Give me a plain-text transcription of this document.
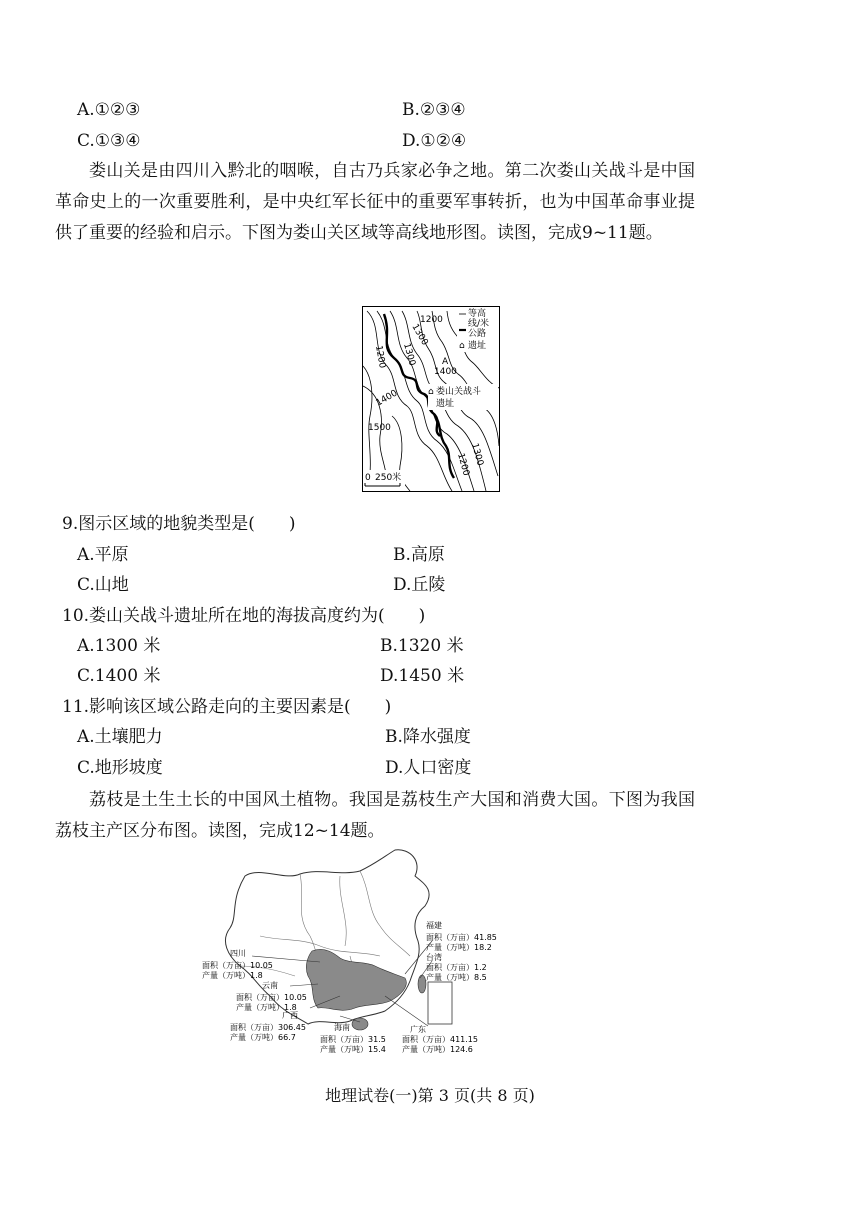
A.①②③	B.②③④
C.①③④	D.①②④

娄山关是由四川入黔北的咽喉，自古乃兵家必争之地。第二次娄山关战斗是中国革命史上的一次重要胜利，是中央红军长征中的重要军事转折，也为中国革命事业提供了重要的经验和启示。下图为娄山关区域等高线地形图。读图，完成9~11题。

等高
线/米
公路
⌂ 遗址
1200
1200 1300
1300
1400
A
1400
1500
1200
1300
⌂ 娄山关战斗
遗址
0 250米
9.图示区域的地貌类型是(　　)
A.平原	B.高原
C.山地	D.丘陵
10.娄山关战斗遗址所在地的海拔高度约为(　　)
A.1300 米	B.1320 米
C.1400 米	D.1450 米
11.影响该区域公路走向的主要因素是(　　)
A.土壤肥力	B.降水强度
C.地形坡度	D.人口密度

荔枝是土生土长的中国风土植物。我国是荔枝生产大国和消费大国。下图为我国荔枝主产区分布图。读图，完成12~14题。

四川
面积（万亩）10.05
产量（万吨）1.8
云南
面积（万亩）10.05
产量（万吨）1.8
广西
面积（万亩）306.45
产量（万吨）66.7
海南
面积（万亩）31.5
产量（万吨）15.4
广东
面积（万亩）411.15
产量（万吨）124.6
福建
面积（万亩）41.85
产量（万吨）18.2
台湾
面积（万亩）1.2
产量（万吨）8.5
地理试卷(一)第 3 页(共 8 页)
